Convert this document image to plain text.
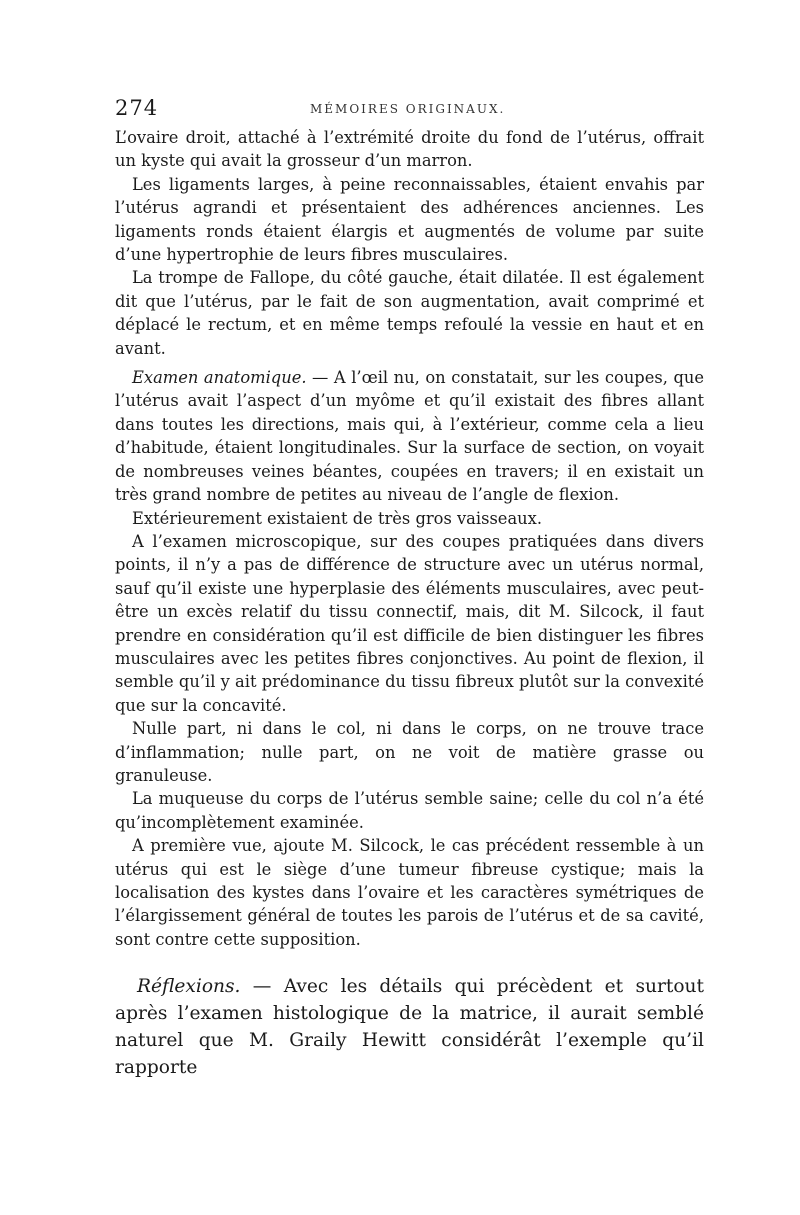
274	MÉMOIRES ORIGINAUX.

L’ovaire droit, attaché à l’extrémité droite du fond de l’utérus, offrait un kyste qui avait la grosseur d’un marron.

Les ligaments larges, à peine reconnaissables, étaient envahis par l’utérus agrandi et présentaient des adhérences anciennes. Les ligaments ronds étaient élargis et augmentés de volume par suite d’une hypertrophie de leurs fibres musculaires.

La trompe de Fallope, du côté gauche, était dilatée. Il est également dit que l’utérus, par le fait de son augmentation, avait comprimé et déplacé le rectum, et en même temps refoulé la vessie en haut et en avant.

Examen anatomique. — A l’œil nu, on constatait, sur les coupes, que l’utérus avait l’aspect d’un myôme et qu’il existait des fibres allant dans toutes les directions, mais qui, à l’extérieur, comme cela a lieu d’habitude, étaient longitudinales. Sur la surface de section, on voyait de nombreuses veines béantes, coupées en travers; il en existait un très grand nombre de petites au niveau de l’angle de flexion.

Extérieurement existaient de très gros vaisseaux.

A l’examen microscopique, sur des coupes pratiquées dans divers points, il n’y a pas de différence de structure avec un utérus normal, sauf qu’il existe une hyperplasie des éléments musculaires, avec peut-être un excès relatif du tissu connectif, mais, dit M. Silcock, il faut prendre en considération qu’il est difficile de bien distinguer les fibres musculaires avec les petites fibres conjonctives. Au point de flexion, il semble qu’il y ait prédominance du tissu fibreux plutôt sur la convexité que sur la concavité.

Nulle part, ni dans le col, ni dans le corps, on ne trouve trace d’inflammation; nulle part, on ne voit de matière grasse ou granuleuse.

La muqueuse du corps de l’utérus semble saine; celle du col n’a été qu’incomplètement examinée.

A première vue, ajoute M. Silcock, le cas précédent ressemble à un utérus qui est le siège d’une tumeur fibreuse cystique; mais la localisation des kystes dans l’ovaire et les caractères symétriques de l’élargissement général de toutes les parois de l’utérus et de sa cavité, sont contre cette supposition.

Réflexions. — Avec les détails qui précèdent et surtout après l’examen histologique de la matrice, il aurait semblé naturel que M. Graily Hewitt considérât l’exemple qu’il rapporte
